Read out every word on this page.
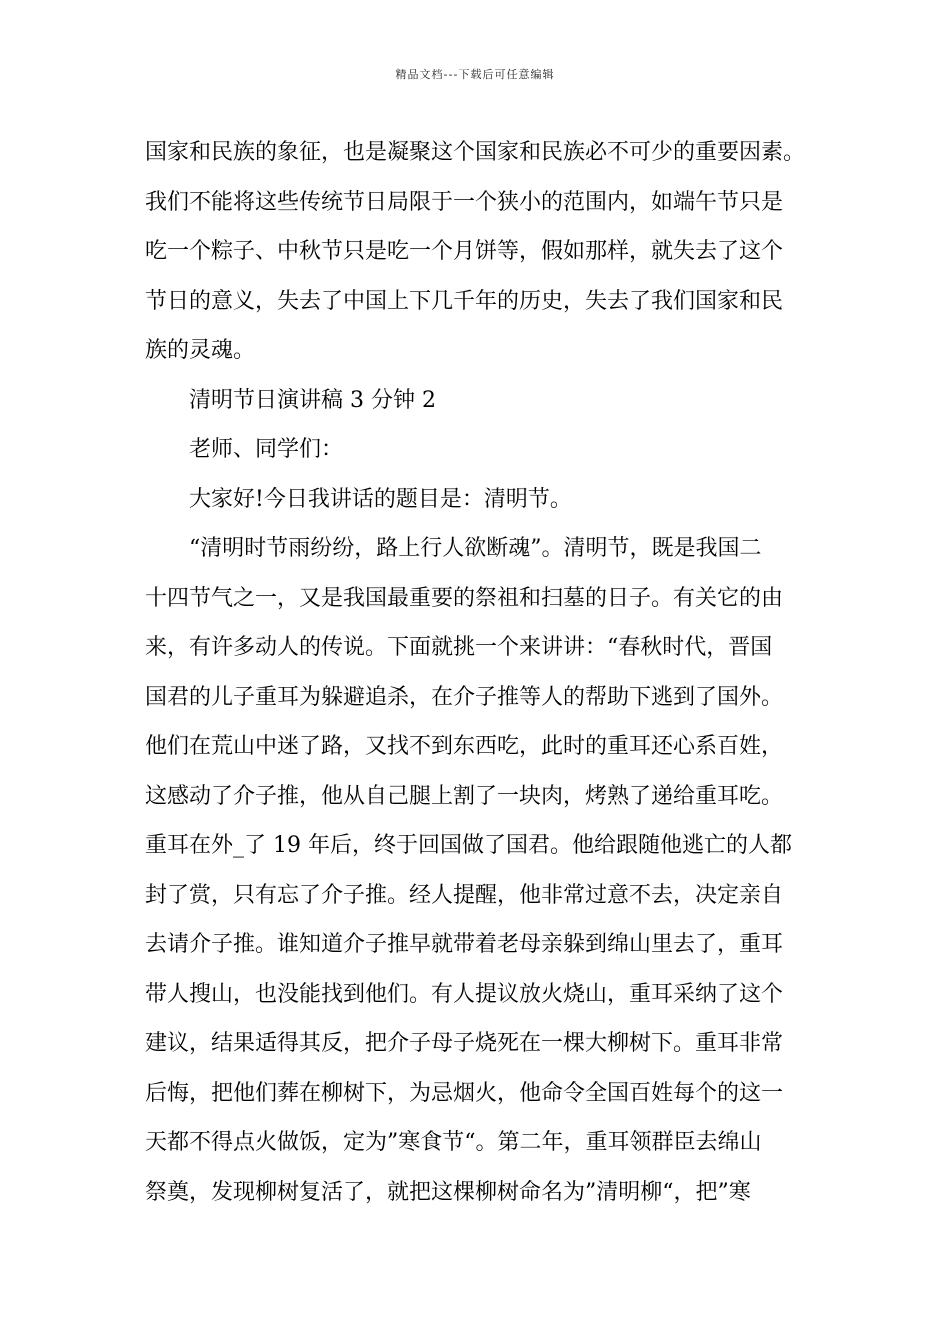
精品文档---下载后可任意编辑
国家和民族的象征，也是凝聚这个国家和民族必不可少的重要因素。
我们不能将这些传统节日局限于一个狭小的范围内，如端午节只是
吃一个粽子、中秋节只是吃一个月饼等，假如那样，就失去了这个
节日的意义，失去了中国上下几千年的历史，失去了我们国家和民
族的灵魂。
清明节日演讲稿 3 分钟 2
老师、同学们：
大家好!今日我讲话的题目是：清明节。
“清明时节雨纷纷，路上行人欲断魂”。清明节，既是我国二
十四节气之一，又是我国最重要的祭祖和扫墓的日子。有关它的由
来，有许多动人的传说。下面就挑一个来讲讲：“春秋时代，晋国
国君的儿子重耳为躲避追杀，在介子推等人的帮助下逃到了国外。
他们在荒山中迷了路，又找不到东西吃，此时的重耳还心系百姓，
这感动了介子推，他从自己腿上割了一块肉，烤熟了递给重耳吃。
重耳在外_了 19 年后，终于回国做了国君。他给跟随他逃亡的人都
封了赏，只有忘了介子推。经人提醒，他非常过意不去，决定亲自
去请介子推。谁知道介子推早就带着老母亲躲到绵山里去了，重耳
带人搜山，也没能找到他们。有人提议放火烧山，重耳采纳了这个
建议，结果适得其反，把介子母子烧死在一棵大柳树下。重耳非常
后悔，把他们葬在柳树下，为忌烟火，他命令全国百姓每个的这一
天都不得点火做饭，定为”寒食节“。第二年，重耳领群臣去绵山
祭奠，发现柳树复活了，就把这棵柳树命名为”清明柳“，把”寒
